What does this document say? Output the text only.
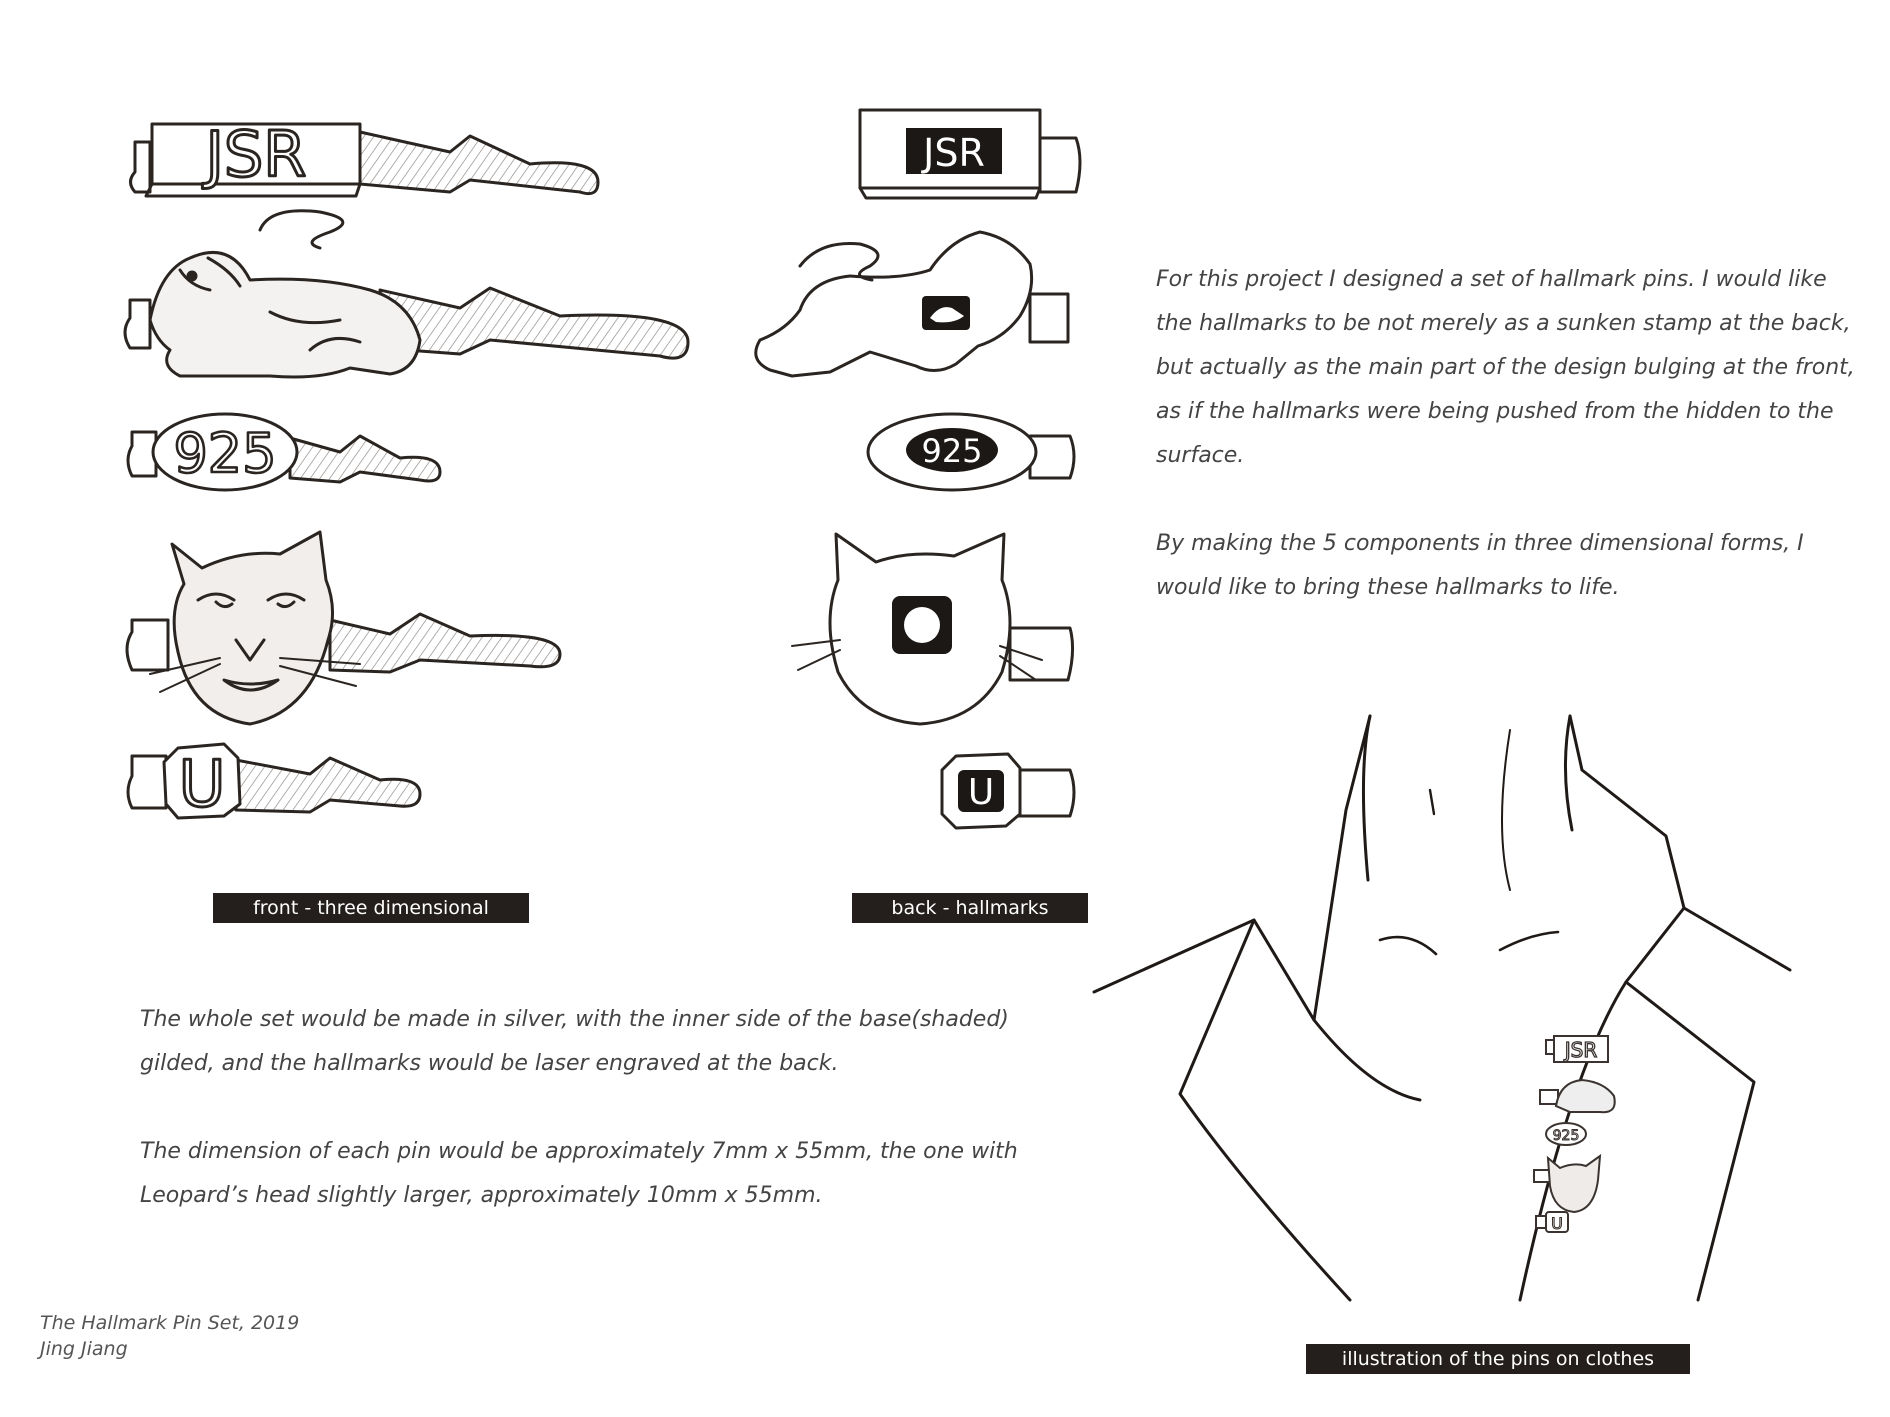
JSR
925
U
JSR
925
U
front - three dimensional	back - hallmarks

For this project I designed a set of hallmark pins. I would like the hallmarks to be not merely as a sunken stamp at the back, but actually as the main part of the design bulging at the front, as if the hallmarks were being pushed from the hidden to the surface.

By making the 5 components in three dimensional forms, I would like to bring these hallmarks to life.

The whole set would be made in silver, with the inner side of the base(shaded) gilded, and the hallmarks would be laser engraved at the back.

The dimension of each pin would be approximately 7mm x 55mm, the one with Leopard’s head slightly larger, approximately 10mm x 55mm.

JSR
925
U
illustration of the pins on clothes
The Hallmark Pin Set, 2019
Jing Jiang
